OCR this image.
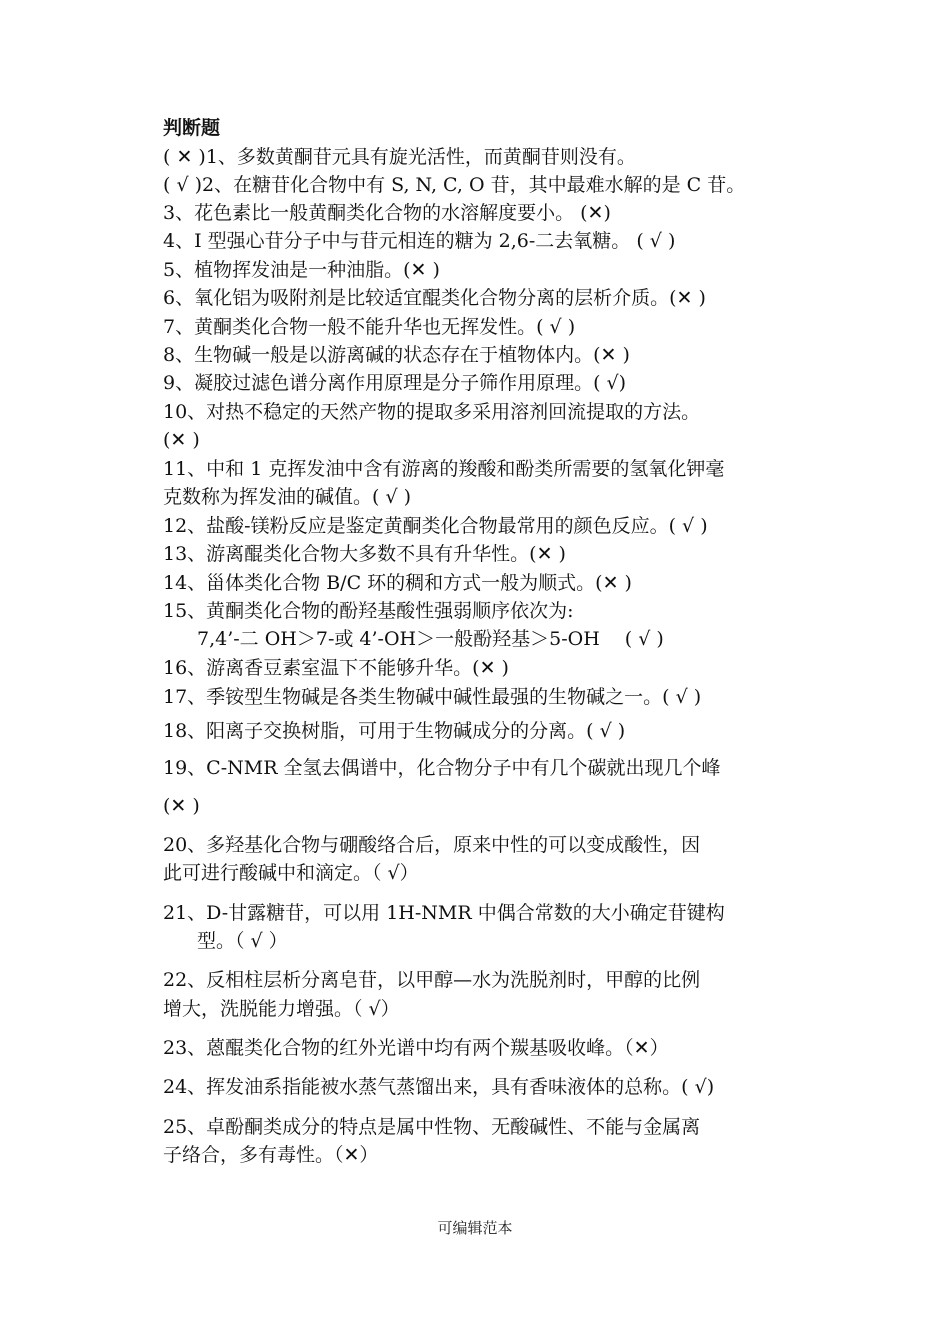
判断题
( ✕ )1、多数黄酮苷元具有旋光活性，而黄酮苷则没有。
( √ )2、在糖苷化合物中有 S, N, C, O 苷，其中最难水解的是 C 苷。
3、花色素比一般黄酮类化合物的水溶解度要小。 (✕)
4、I 型强心苷分子中与苷元相连的糖为 2,6-二去氧糖。 ( √ )
5、植物挥发油是一种油脂。(✕ )
6、氧化铝为吸附剂是比较适宜醌类化合物分离的层析介质。(✕ )
7、黄酮类化合物一般不能升华也无挥发性。( √ )
8、生物碱一般是以游离碱的状态存在于植物体内。(✕ )
9、凝胶过滤色谱分离作用原理是分子筛作用原理。( √)
10、对热不稳定的天然产物的提取多采用溶剂回流提取的方法。
(✕ )
11、中和 1 克挥发油中含有游离的羧酸和酚类所需要的氢氧化钾毫
克数称为挥发油的碱值。( √ )
12、盐酸-镁粉反应是鉴定黄酮类化合物最常用的颜色反应。( √ )
13、游离醌类化合物大多数不具有升华性。(✕ )
14、甾体类化合物 B/C 环的稠和方式一般为顺式。(✕ )
15、黄酮类化合物的酚羟基酸性强弱顺序依次为:
7,4’-二 OH＞7-或 4’-OH＞一般酚羟基＞5-OH　 ( √ )
16、游离香豆素室温下不能够升华。(✕ )
17、季铵型生物碱是各类生物碱中碱性最强的生物碱之一。( √ )
18、阳离子交换树脂，可用于生物碱成分的分离。( √ )
19、C-NMR 全氢去偶谱中，化合物分子中有几个碳就出现几个峰
(✕ )
20、多羟基化合物与硼酸络合后，原来中性的可以变成酸性，因
此可进行酸碱中和滴定。（ √）
21、D-甘露糖苷，可以用 1H-NMR 中偶合常数的大小确定苷键构
型。（ √ ）
22、反相柱层析分离皂苷，以甲醇—水为洗脱剂时，甲醇的比例
增大，洗脱能力增强。（ √）
23、蒽醌类化合物的红外光谱中均有两个羰基吸收峰。（✕）
24、挥发油系指能被水蒸气蒸馏出来，具有香味液体的总称。( √)
25、卓酚酮类成分的特点是属中性物、无酸碱性、不能与金属离
子络合，多有毒性。（✕）
可编辑范本
